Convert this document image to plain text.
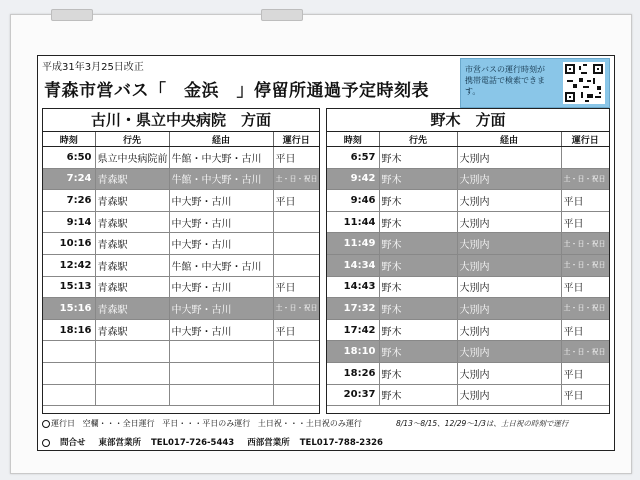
平成31年3月25日改正
青森市営バス「　金浜　」停留所通過予定時刻表
市営バスの運行時刻が携帯電話で検索できます。
古川・県立中央病院　方面
時刻	行先	経由	運行日
6:50	県立中央病院前	牛館・中大野・古川	平日
7:24	青森駅	牛館・中大野・古川	土・日・祝日
7:26	青森駅	中大野・古川	平日
9:14	青森駅	中大野・古川	
10:16	青森駅	中大野・古川	
12:42	青森駅	牛館・中大野・古川	
15:13	青森駅	中大野・古川	平日
15:16	青森駅	中大野・古川	土・日・祝日
18:16	青森駅	中大野・古川	平日

野木　方面
時刻	行先	経由	運行日
6:57	野木	大別内	
9:42	野木	大別内	土・日・祝日
9:46	野木	大別内	平日
11:44	野木	大別内	平日
11:49	野木	大別内	土・日・祝日
14:34	野木	大別内	土・日・祝日
14:43	野木	大別内	平日
17:32	野木	大別内	土・日・祝日
17:42	野木	大別内	平日
18:10	野木	大別内	土・日・祝日
18:26	野木	大別内	平日
20:37	野木	大別内	平日
運行日 空欄・・・全日運行 平日・・・平日のみ運行 土日祝・・・土日祝のみ運行	8/13～8/15、12/29～1/3は、土日祝の時刻で運行
問合せ 東部営業所 TEL017-726-5443 西部営業所 TEL017-788-2326
